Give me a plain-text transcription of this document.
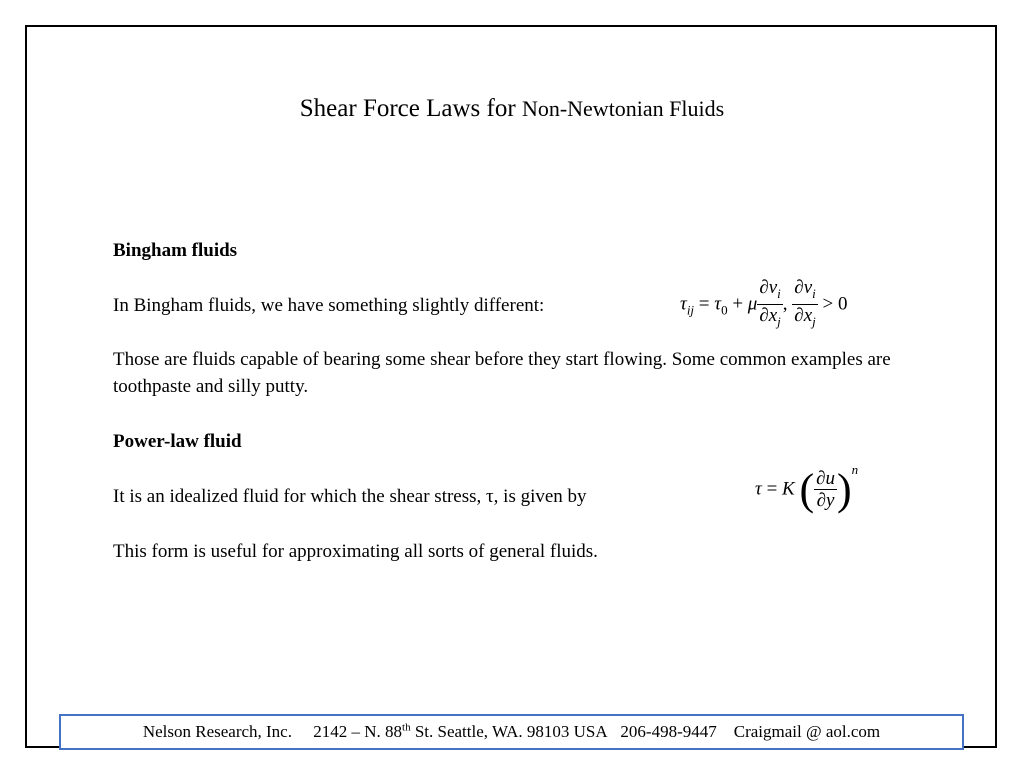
Shear Force Laws for Non-Newtonian Fluids
Bingham fluids
In Bingham fluids, we have something slightly different:	$\tau_{ij} = \tau_0 + \mu \frac{\partial v_i}{\partial x_j}$ , $\frac{\partial v_i}{\partial x_j} > 0$
Those are fluids capable of bearing some shear before they start flowing. Some common examples are toothpaste and silly putty.
Power-law fluid
It is an idealized fluid for which the shear stress, τ, is given by	τ = K ( $\frac{\partial u}{\partial y} )^n$
This form is useful for approximating all sorts of general fluids.
Nelson Research, Inc. 2142 – N. 88th St. Seattle, WA. 98103 USA 206-498-9447 Craigmail @ aol.com
